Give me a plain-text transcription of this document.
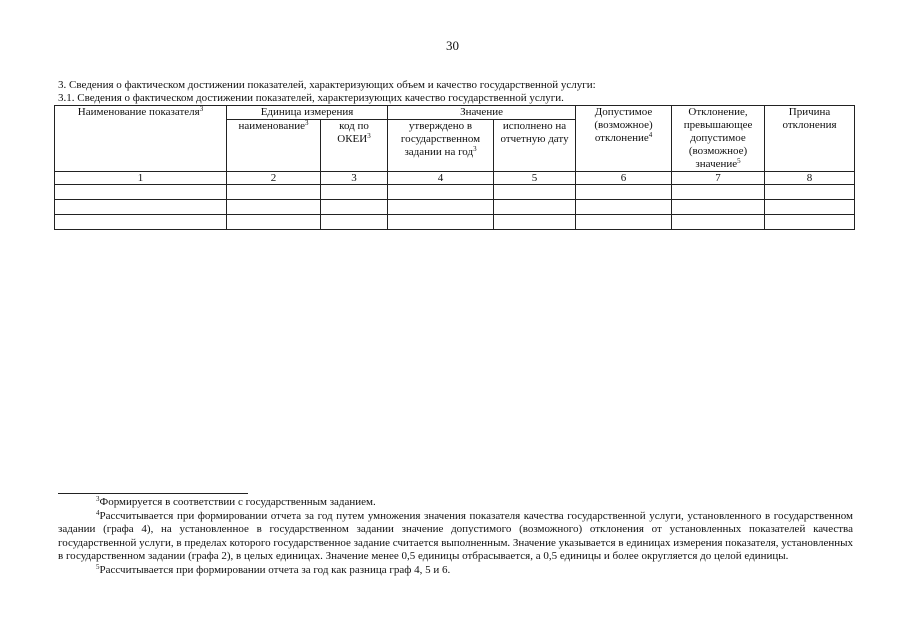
30
3. Сведения о фактическом достижении показателей, характеризующих объем и качество государственной услуги:
3.1. Сведения о фактическом достижении показателей, характеризующих качество государственной услуги.
Наименование показателя$^3$	Единица измерения		Значение		Допустимое (возможное) отклонение$^4$	Отклонение, превышающее допустимое (возможное) значение$^5$	Причина отклонения
	наименование$^3$	код по ОКЕИ$^3$	утверждено в государственном задании на год$^3$	исполнено на отчетную дату			
1	2	3	4	5	6	7	8

$^3$Формируется в соответствии с государственным заданием.

$^4$Рассчитывается при формировании отчета за год путем умножения значения показателя качества государственной услуги, установленного в государственном задании (графа 4), на установленное в государственном задании значение допустимого (возможного) отклонения от установленных показателей качества государственной услуги, в пределах которого государственное задание считается выполненным. Значение указывается в единицах измерения показателя, установленных в государственном задании (графа 2), в целых единицах. Значение менее 0,5 единицы отбрасывается, а 0,5 единицы и более округляется до целой единицы.

$^5$Рассчитывается при формировании отчета за год как разница граф 4, 5 и 6.
